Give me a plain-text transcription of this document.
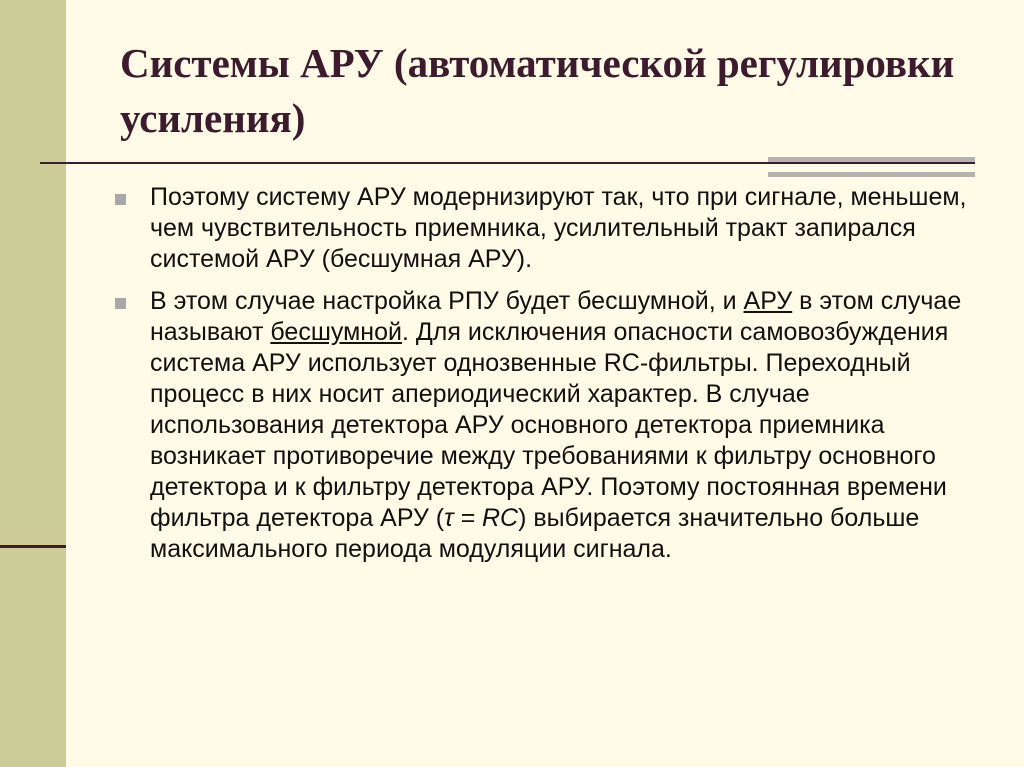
Системы АРУ (автоматической регулировки усиления)
Поэтому систему АРУ модернизируют так, что при сигнале, меньшем, чем чувствительность приемника, усилительный тракт запирался системой АРУ (бесшумная АРУ).
В этом случае настройка РПУ будет бесшумной, и АРУ в этом случае называют бесшумной. Для исключения опасности самовозбуждения система АРУ использует однозвенные RC-фильтры. Переходный процесс в них носит апериодический характер. В случае использования детектора АРУ основного детектора приемника возникает противоречие между требованиями к фильтру основного детектора и к фильтру детектора АРУ. Поэтому постоянная времени фильтра детектора АРУ (τ = RC) выбирается значительно больше максимального периода модуляции сигнала.
